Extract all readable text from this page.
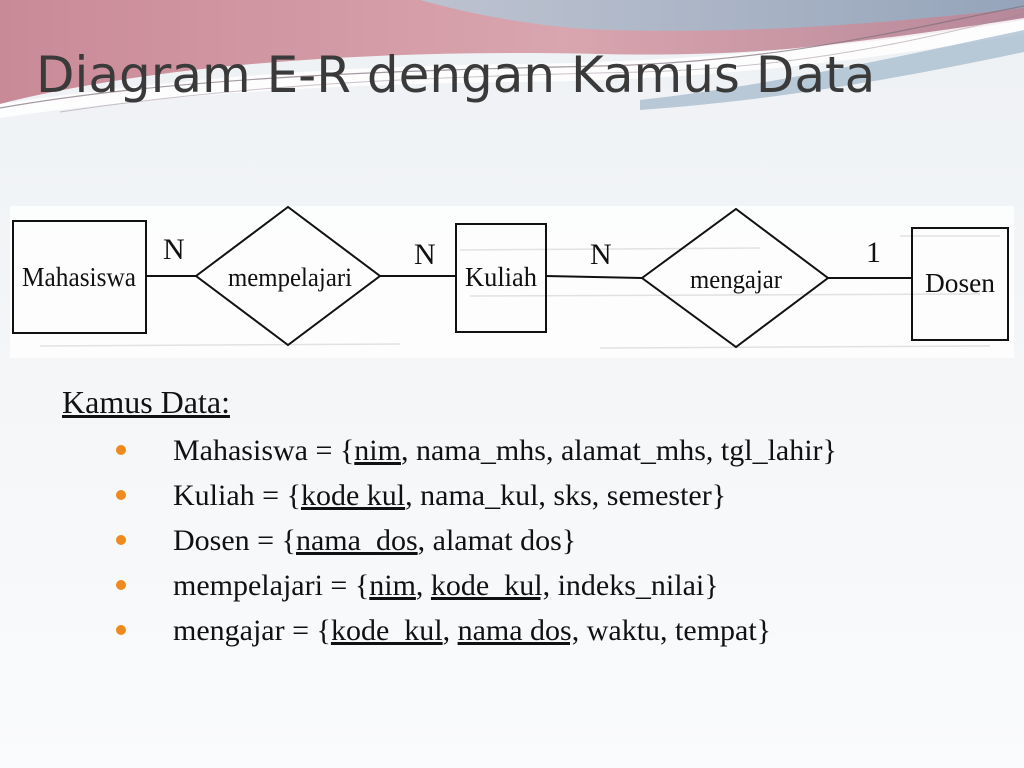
Diagram E-R dengan Kamus Data
Mahasiswa	Kuliah	Dosen
mempelajari	mengajar
N	N	N	1
Kamus Data:
Mahasiswa = {nim, nama_mhs, alamat_mhs, tgl_lahir}
Kuliah = {kode kul, nama_kul, sks, semester}
Dosen = {nama_dos, alamat dos}
mempelajari = {nim, kode_kul, indeks_nilai}
mengajar = {kode_kul, nama dos, waktu, tempat}
